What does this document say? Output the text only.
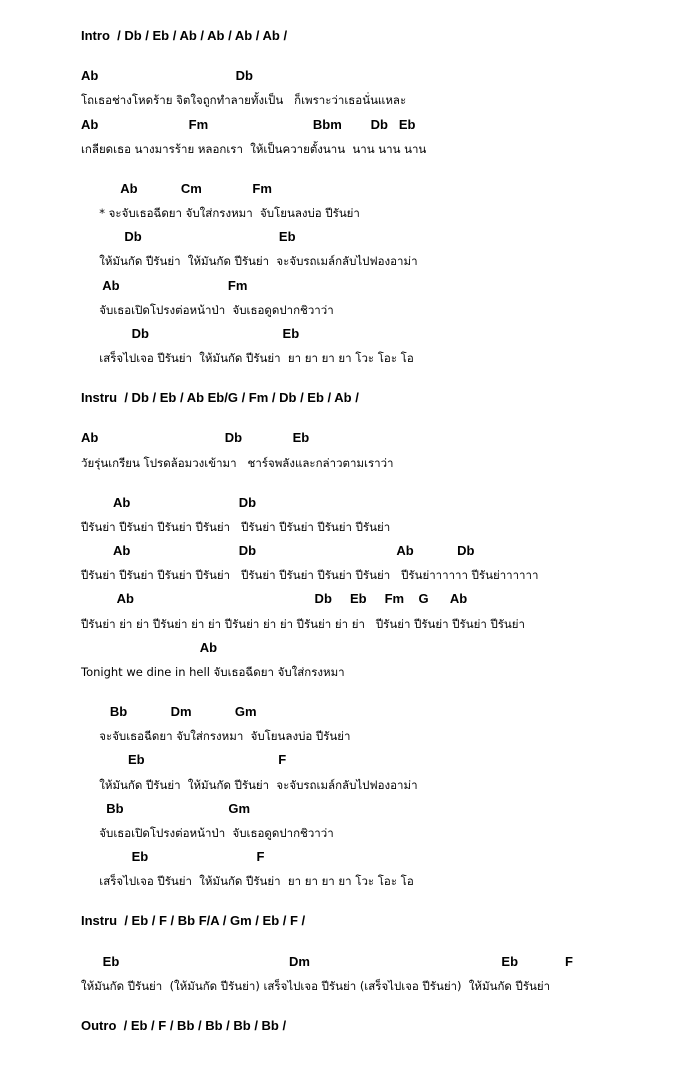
Intro  / Db / Eb / Ab / Ab / Ab / Ab /
Ab                                      Db
โถเธอช่างโหดร้าย จิตใจถูกทำลายทั้งเป็น   ก็เพราะว่าเธอนั่นแหละ
Ab                         Fm                             Bbm        Db   Eb
เกลียดเธอ นางมารร้าย หลอกเรา  ให้เป็นควายตั้งนาน  นาน นาน นาน
Ab            Cm              Fm
* จะจับเธอฉีดยา จับใส่กรงหมา  จับโยนลงบ่อ ปีรันย่า
Db                                      Eb
ให้มันกัด ปีรันย่า  ให้มันกัด ปีรันย่า  จะจับรถเมล์กลับไปฟองอาม่า
Ab                              Fm
จับเธอเปิดโปรงต่อหน้าป่า  จับเธอดูดปากชิวาว่า
Db                                     Eb
เสร็จไปเจอ ปีรันย่า  ให้มันกัด ปีรันย่า  ยา ยา ยา ยา โวะ โอะ โอ
Instru  / Db / Eb / Ab Eb/G / Fm / Db / Eb / Ab /
Ab                                   Db              Eb
วัยรุ่นเกรียน โปรดล้อมวงเข้ามา   ชาร์จพลังและกล่าวตามเราว่า
Ab                              Db
ปีรันย่า ปีรันย่า ปีรันย่า ปีรันย่า   ปีรันย่า ปีรันย่า ปีรันย่า ปีรันย่า
Ab                              Db                                       Ab            Db
ปีรันย่า ปีรันย่า ปีรันย่า ปีรันย่า   ปีรันย่า ปีรันย่า ปีรันย่า ปีรันย่า   ปีรันย่าาาาาา ปีรันย่าาาาาา
Ab                                                  Db     Eb     Fm    G      Ab
ปีรันย่า ย่า ย่า ปีรันย่า ย่า ย่า ปีรันย่า ย่า ย่า ปีรันย่า ย่า ย่า   ปีรันย่า ปีรันย่า ปีรันย่า ปีรันย่า
Ab
Tonight we dine in hell จับเธอฉีดยา จับใส่กรงหมา
Bb            Dm            Gm
จะจับเธอฉีดยา จับใส่กรงหมา  จับโยนลงบ่อ ปีรันย่า
Eb                                     F
ให้มันกัด ปีรันย่า  ให้มันกัด ปีรันย่า  จะจับรถเมล์กลับไปฟองอาม่า
Bb                             Gm
จับเธอเปิดโปรงต่อหน้าป่า  จับเธอดูดปากชิวาว่า
Eb                              F
เสร็จไปเจอ ปีรันย่า  ให้มันกัด ปีรันย่า  ยา ยา ยา ยา โวะ โอะ โอ
Instru  / Eb / F / Bb F/A / Gm / Eb / F /
Eb                                               Dm                                                     Eb             F
ให้มันกัด ปีรันย่า  (ให้มันกัด ปีรันย่า) เสร็จไปเจอ ปีรันย่า (เสร็จไปเจอ ปีรันย่า)  ให้มันกัด ปีรันย่า
Outro  / Eb / F / Bb / Bb / Bb / Bb /
